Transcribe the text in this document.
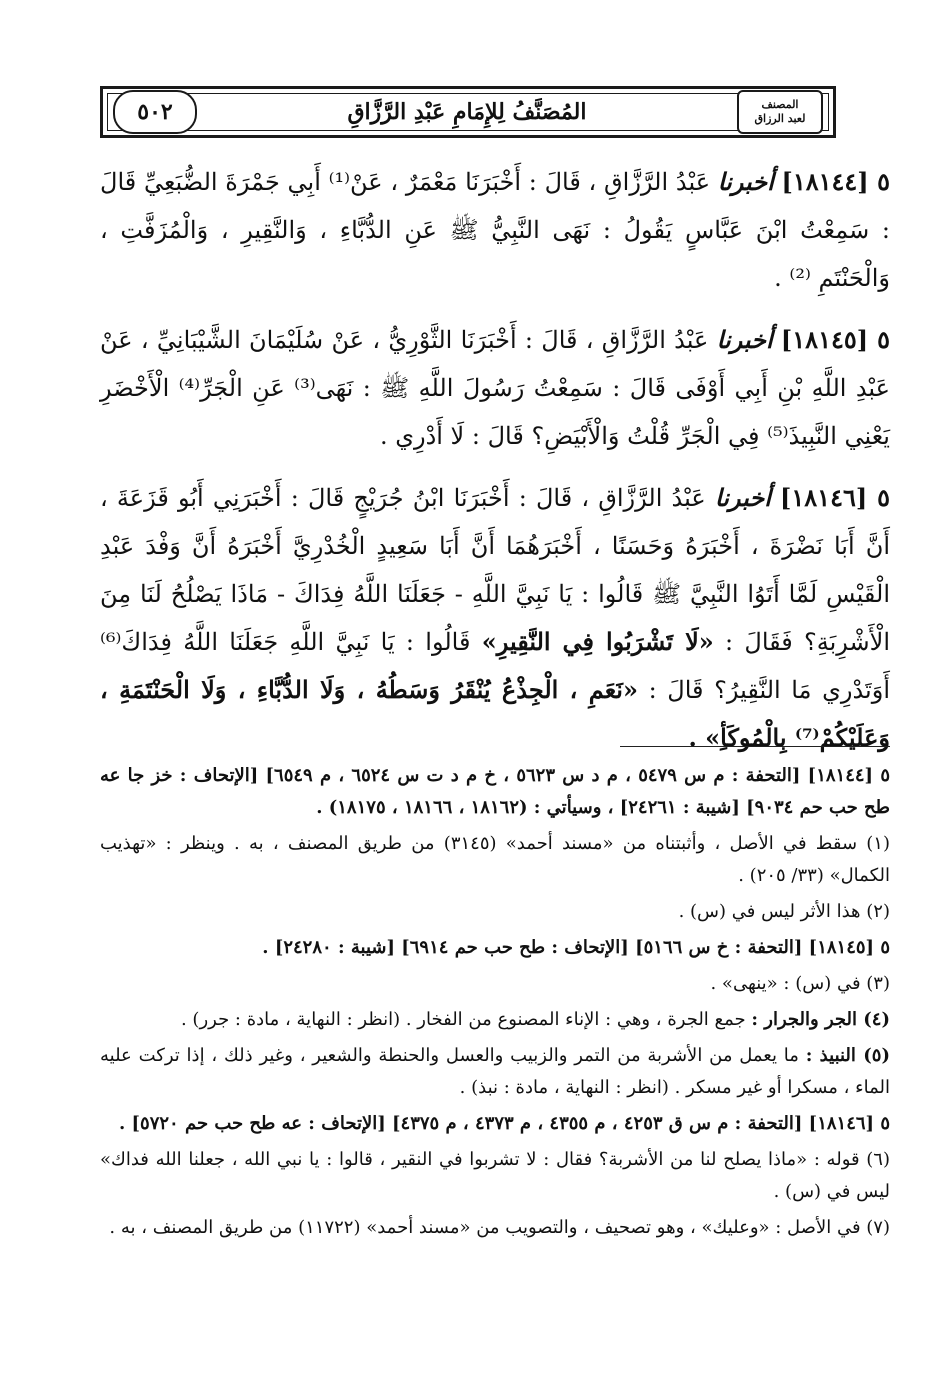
٥٠٢	المُصَنَّفُ لِلإِمَامِ عَبْدِ الرَّزَّاقِ	المصنف
لعبد الرزاق

٥ [١٨١٤٤] أخبرنا عَبْدُ الرَّزَّاقِ ، قَالَ : أَخْبَرَنَا مَعْمَرٌ ، عَنْ⁽¹⁾ أَبِي جَمْرَةَ الضُّبَعِيِّ قَالَ : سَمِعْتُ ابْنَ عَبَّاسٍ يَقُولُ : نَهَى النَّبِيُّ ﷺ عَنِ الدُّبَّاءِ ، وَالنَّقِيرِ ، وَالْمُزَفَّتِ ، وَالْحَنْتَمِ ⁽²⁾ .

٥ [١٨١٤٥] أخبرنا عَبْدُ الرَّزَّاقِ ، قَالَ : أَخْبَرَنَا الثَّوْرِيُّ ، عَنْ سُلَيْمَانَ الشَّيْبَانِيِّ ، عَنْ عَبْدِ اللَّهِ بْنِ أَبِي أَوْفَى قَالَ : سَمِعْتُ رَسُولَ اللَّهِ ﷺ : نَهَى⁽³⁾ عَنِ الْجَرِّ⁽⁴⁾ الْأَخْضَرِ يَعْنِي النَّبِيذَ⁽⁵⁾ فِي الْجَرِّ قُلْتُ وَالْأَبْيَضِ؟ قَالَ : لَا أَدْرِي .

٥ [١٨١٤٦] أخبرنا عَبْدُ الرَّزَّاقِ ، قَالَ : أَخْبَرَنَا ابْنُ جُرَيْجٍ قَالَ : أَخْبَرَنِي أَبُو قَزَعَةَ ، أَنَّ أَبَا نَضْرَةَ ، أَخْبَرَهُ وَحَسَنًا ، أَخْبَرَهُمَا أَنَّ أَبَا سَعِيدٍ الْخُدْرِيَّ أَخْبَرَهُ أَنَّ وَفْدَ عَبْدِ الْقَيْسِ لَمَّا أَتَوُا النَّبِيَّ ﷺ قَالُوا : يَا نَبِيَّ اللَّهِ - جَعَلَنَا اللَّهُ فِدَاكَ - مَاذَا يَصْلُحُ لَنَا مِنَ الْأَشْرِبَةِ؟ فَقَالَ : «لَا تَشْرَبُوا فِي النَّقِيرِ» قَالُوا : يَا نَبِيَّ اللَّهِ جَعَلَنَا اللَّهُ فِدَاكَ⁽⁶⁾ أَوَتَدْرِي مَا النَّقِيرُ؟ قَالَ : «نَعَمِ ، الْجِذْعُ يُنْقَرُ وَسَطُهُ ، وَلَا الدُّبَّاءِ ، وَلَا الْحَنْتَمَةِ ، وَعَلَيْكُمْ⁽⁷⁾ بِالْمُوكَأِ» .

٥ [١٨١٤٤] [التحفة : م س ٥٤٧٩ ، م د س ٥٦٢٣ ، خ م د ت س ٦٥٢٤ ، م ٦٥٤٩] [الإتحاف : خز جا عه طح حب حم ٩٠٣٤] [شيبة : ٢٤٢٦١] ، وسيأتي : (١٨١٦٢ ، ١٨١٦٦ ، ١٨١٧٥) .

(١) سقط في الأصل ، وأثبتناه من «مسند أحمد» (٣١٤٥) من طريق المصنف ، به . وينظر : «تهذيب الكمال» (٣٣/ ٢٠٥) .

(٢) هذا الأثر ليس في (س) .

٥ [١٨١٤٥] [التحفة : خ س ٥١٦٦] [الإتحاف : طح حب حم ٦٩١٤] [شيبة : ٢٤٢٨٠] .

(٣) في (س) : «ينهى» .

(٤) الجر والجرار : جمع الجرة ، وهي : الإناء المصنوع من الفخار . (انظر : النهاية ، مادة : جرر) .

(٥) النبيذ : ما يعمل من الأشربة من التمر والزبيب والعسل والحنطة والشعير ، وغير ذلك ، إذا تركت عليه الماء ، مسكرا أو غير مسكر . (انظر : النهاية ، مادة : نبذ) .

٥ [١٨١٤٦] [التحفة : م س ق ٤٢٥٣ ، م ٤٣٥٥ ، م ٤٣٧٣ ، م ٤٣٧٥] [الإتحاف : عه طح حب حم ٥٧٢٠] .

(٦) قوله : «ماذا يصلح لنا من الأشربة؟ فقال : لا تشربوا في النقير ، قالوا : يا نبي الله ، جعلنا الله فداك» ليس في (س) .

(٧) في الأصل : «وعليك» ، وهو تصحيف ، والتصويب من «مسند أحمد» (١١٧٢٢) من طريق المصنف ، به .
